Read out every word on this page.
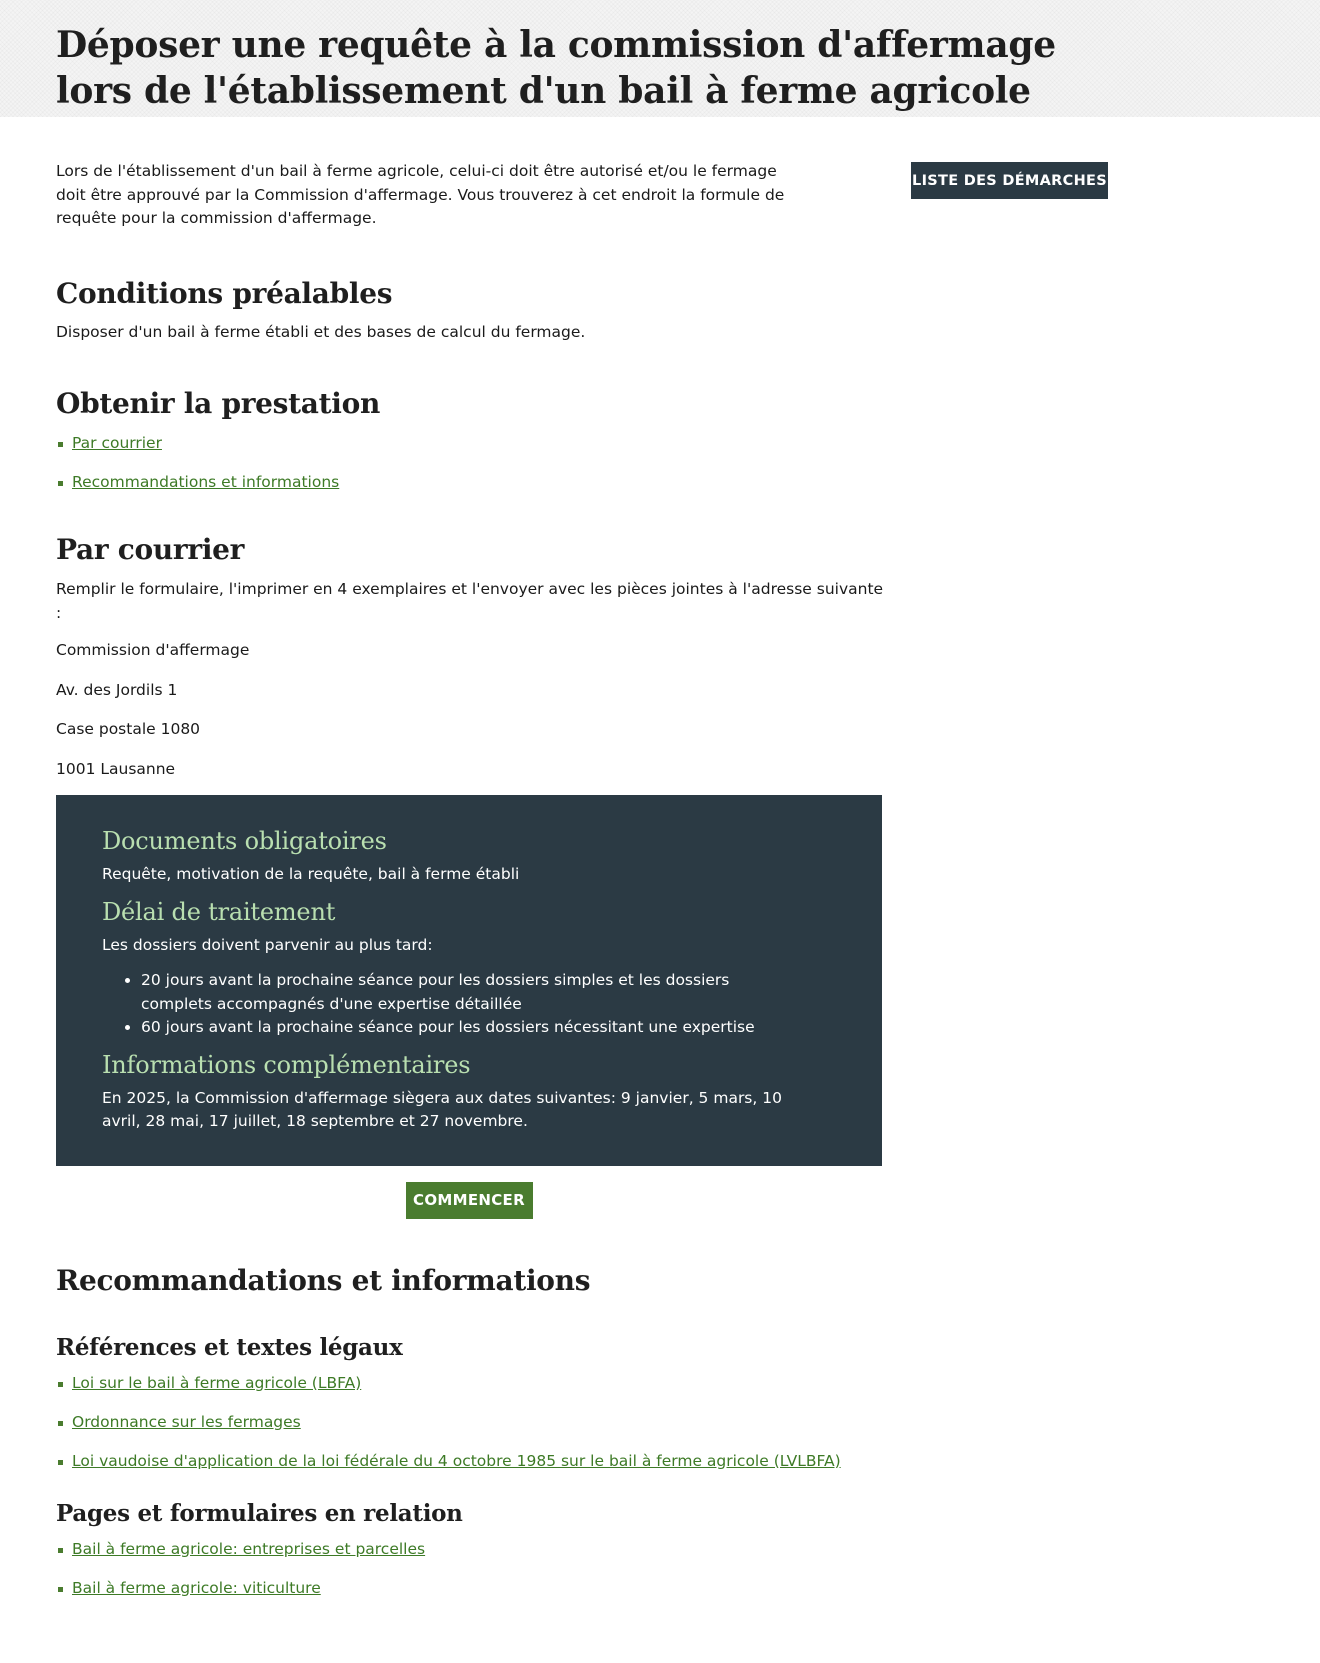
Déposer une requête à la commission d'affermage lors de l'établissement d'un bail à ferme agricole
LISTE DES DÉMARCHES

Lors de l'établissement d'un bail à ferme agricole, celui-ci doit être autorisé et/ou le fermage doit être approuvé par la Commission d'affermage. Vous trouverez à cet endroit la formule de requête pour la commission d'affermage.

Conditions préalables

Disposer d'un bail à ferme établi et des bases de calcul du fermage.

Obtenir la prestation
Par courrier
Recommandations et informations
Par courrier

Remplir le formulaire, l'imprimer en 4 exemplaires et l'envoyer avec les pièces jointes à l'adresse suivante :

Commission d'affermage

Av. des Jordils 1

Case postale 1080

1001 Lausanne

Documents obligatoires

Requête, motivation de la requête, bail à ferme établi

Délai de traitement

Les dossiers doivent parvenir au plus tard:

• 20 jours avant la prochaine séance pour les dossiers simples et les dossiers complets accompagnés d'une expertise détaillée
• 60 jours avant la prochaine séance pour les dossiers nécessitant une expertise
Informations complémentaires

En 2025, la Commission d'affermage siègera aux dates suivantes: 9 janvier, 5 mars, 10 avril, 28 mai, 17 juillet, 18 septembre et 27 novembre.

COMMENCER
Recommandations et informations
Références et textes légaux
Loi sur le bail à ferme agricole (LBFA)
Ordonnance sur les fermages
Loi vaudoise d'application de la loi fédérale du 4 octobre 1985 sur le bail à ferme agricole (LVLBFA)
Pages et formulaires en relation
Bail à ferme agricole: entreprises et parcelles
Bail à ferme agricole: viticulture
